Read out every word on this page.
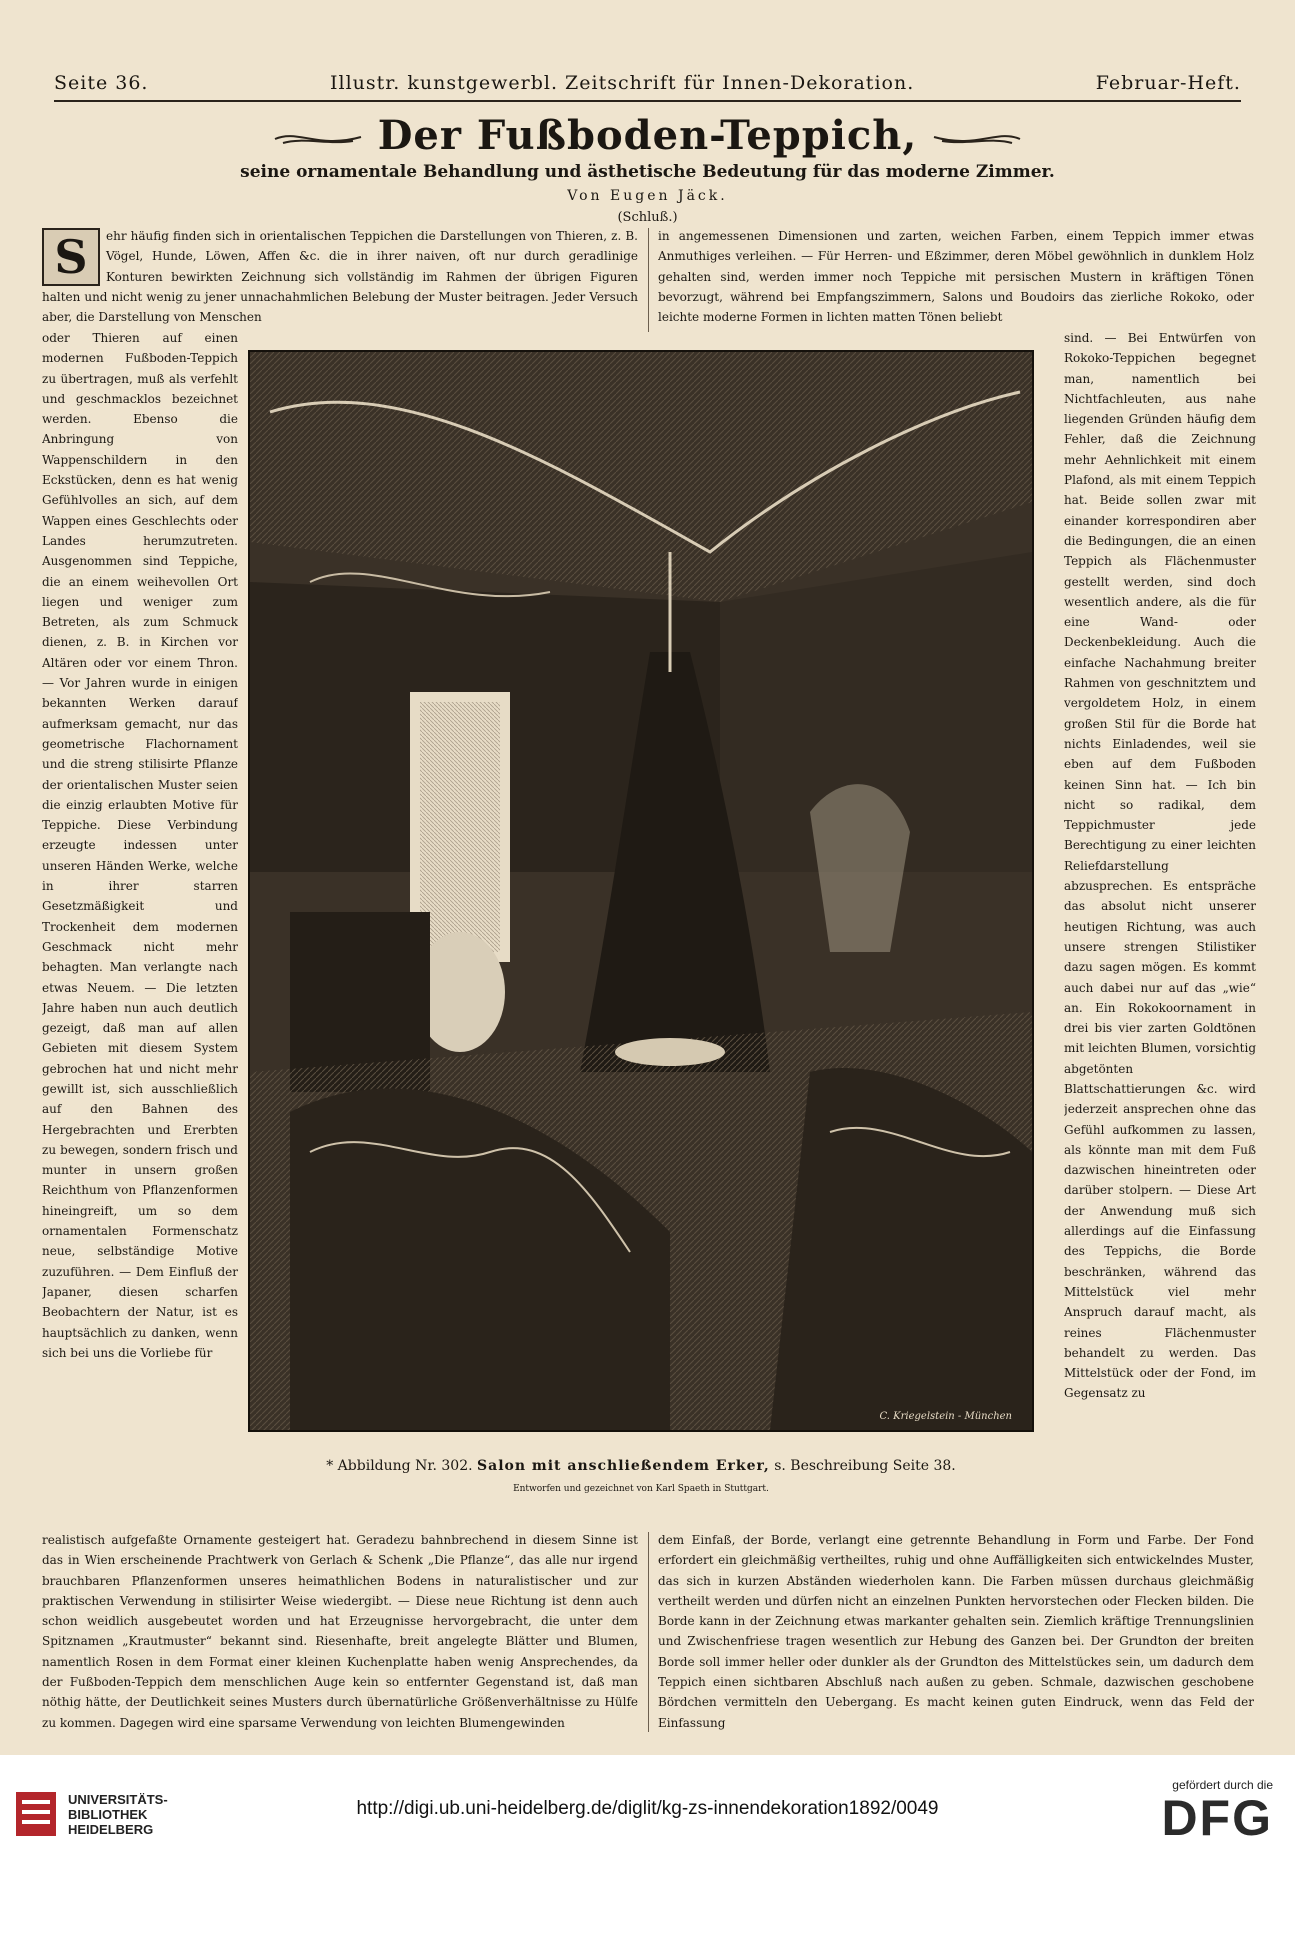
Seite 36.	Illustr. kunstgewerbl. Zeitschrift für Innen-Dekoration.	Februar-Heft.
Der Fußboden-Teppich,
seine ornamentale Behandlung und ästhetische Bedeutung für das moderne Zimmer.
Von Eugen Jäck.
(Schluß.)
S	ehr häufig finden sich in orientalischen Teppichen die Darstellungen von Thieren, z. B. Vögel, Hunde, Löwen, Affen &c. die in ihrer naiven, oft nur durch geradlinige Konturen bewirkten Zeichnung sich vollständig im Rahmen der übrigen Figuren halten und nicht wenig zu jener unnachahmlichen Belebung der Muster beitragen. Jeder Versuch aber, die Darstellung von Menschen

in angemessenen Dimensionen und zarten, weichen Farben, einem Teppich immer etwas Anmuthiges verleihen. — Für Herren- und Eßzimmer, deren Möbel gewöhnlich in dunklem Holz gehalten sind, werden immer noch Teppiche mit persischen Mustern in kräftigen Tönen bevorzugt, während bei Empfangszimmern, Salons und Boudoirs das zierliche Rokoko, oder leichte moderne Formen in lichten matten Tönen beliebt

oder Thieren auf einen modernen Fußboden-Teppich zu übertragen, muß als verfehlt und geschmacklos bezeichnet werden. Ebenso die Anbringung von Wappenschildern in den Eckstücken, denn es hat wenig Gefühlvolles an sich, auf dem Wappen eines Geschlechts oder Landes herumzutreten. Ausgenommen sind Teppiche, die an einem weihevollen Ort liegen und weniger zum Betreten, als zum Schmuck dienen, z. B. in Kirchen vor Altären oder vor einem Thron. — Vor Jahren wurde in einigen bekannten Werken darauf aufmerksam gemacht, nur das geometrische Flachornament und die streng stilisirte Pflanze der orientalischen Muster seien die einzig erlaubten Motive für Teppiche. Diese Verbindung erzeugte indessen unter unseren Händen Werke, welche in ihrer starren Gesetzmäßigkeit und Trockenheit dem modernen Geschmack nicht mehr behagten. Man verlangte nach etwas Neuem. — Die letzten Jahre haben nun auch deutlich gezeigt, daß man auf allen Gebieten mit diesem System gebrochen hat und nicht mehr gewillt ist, sich ausschließlich auf den Bahnen des Hergebrachten und Ererbten zu bewegen, sondern frisch und munter in unsern großen Reichthum von Pflanzenformen hineingreift, um so dem ornamentalen Formenschatz neue, selbständige Motive zuzuführen. — Dem Einfluß der Japaner, diesen scharfen Beobachtern der Natur, ist es hauptsächlich zu danken, wenn sich bei uns die Vorliebe für

sind. — Bei Entwürfen von Rokoko-Teppichen begegnet man, namentlich bei Nichtfachleuten, aus nahe liegenden Gründen häufig dem Fehler, daß die Zeichnung mehr Aehnlichkeit mit einem Plafond, als mit einem Teppich hat. Beide sollen zwar mit einander korrespondiren aber die Bedingungen, die an einen Teppich als Flächenmuster gestellt werden, sind doch wesentlich andere, als die für eine Wand- oder Deckenbekleidung. Auch die einfache Nachahmung breiter Rahmen von geschnitztem und vergoldetem Holz, in einem großen Stil für die Borde hat nichts Einladendes, weil sie eben auf dem Fußboden keinen Sinn hat. — Ich bin nicht so radikal, dem Teppichmuster jede Berechtigung zu einer leichten Reliefdarstellung abzusprechen. Es entspräche das absolut nicht unserer heutigen Richtung, was auch unsere strengen Stilistiker dazu sagen mögen. Es kommt auch dabei nur auf das „wie“ an. Ein Rokokoornament in drei bis vier zarten Goldtönen mit leichten Blumen, vorsichtig abgetönten Blattschattierungen &c. wird jederzeit ansprechen ohne das Gefühl aufkommen zu lassen, als könnte man mit dem Fuß dazwischen hineintreten oder darüber stolpern. — Diese Art der Anwendung muß sich allerdings auf die Einfassung des Teppichs, die Borde beschränken, während das Mittelstück viel mehr Anspruch darauf macht, als reines Flächenmuster behandelt zu werden. Das Mittelstück oder der Fond, im Gegensatz zu

C. Kriegelstein - München
* Abbildung Nr. 302. Salon mit anschließendem Erker, s. Beschreibung Seite 38.
Entworfen und gezeichnet von Karl Spaeth in Stuttgart.

realistisch aufgefaßte Ornamente gesteigert hat. Geradezu bahnbrechend in diesem Sinne ist das in Wien erscheinende Prachtwerk von Gerlach & Schenk „Die Pflanze“, das alle nur irgend brauchbaren Pflanzenformen unseres heimathlichen Bodens in naturalistischer und zur praktischen Verwendung in stilisirter Weise wiedergibt. — Diese neue Richtung ist denn auch schon weidlich ausgebeutet worden und hat Erzeugnisse hervorgebracht, die unter dem Spitznamen „Krautmuster“ bekannt sind. Riesenhafte, breit angelegte Blätter und Blumen, namentlich Rosen in dem Format einer kleinen Kuchenplatte haben wenig Ansprechendes, da der Fußboden-Teppich dem menschlichen Auge kein so entfernter Gegenstand ist, daß man nöthig hätte, der Deutlichkeit seines Musters durch übernatürliche Größenverhältnisse zu Hülfe zu kommen. Dagegen wird eine sparsame Verwendung von leichten Blumengewinden

dem Einfaß, der Borde, verlangt eine getrennte Behandlung in Form und Farbe. Der Fond erfordert ein gleichmäßig vertheiltes, ruhig und ohne Auffälligkeiten sich entwickelndes Muster, das sich in kurzen Abständen wiederholen kann. Die Farben müssen durchaus gleichmäßig vertheilt werden und dürfen nicht an einzelnen Punkten hervorstechen oder Flecken bilden. Die Borde kann in der Zeichnung etwas markanter gehalten sein. Ziemlich kräftige Trennungslinien und Zwischenfriese tragen wesentlich zur Hebung des Ganzen bei. Der Grundton der breiten Borde soll immer heller oder dunkler als der Grundton des Mittelstückes sein, um dadurch dem Teppich einen sichtbaren Abschluß nach außen zu geben. Schmale, dazwischen geschobene Bördchen vermitteln den Uebergang. Es macht keinen guten Eindruck, wenn das Feld der Einfassung

UNIVERSITÄTS-
BIBLIOTHEK
HEIDELBERG
http://digi.ub.uni-heidelberg.de/diglit/kg-zs-innendekoration1892/0049
gefördert durch die
DFG
